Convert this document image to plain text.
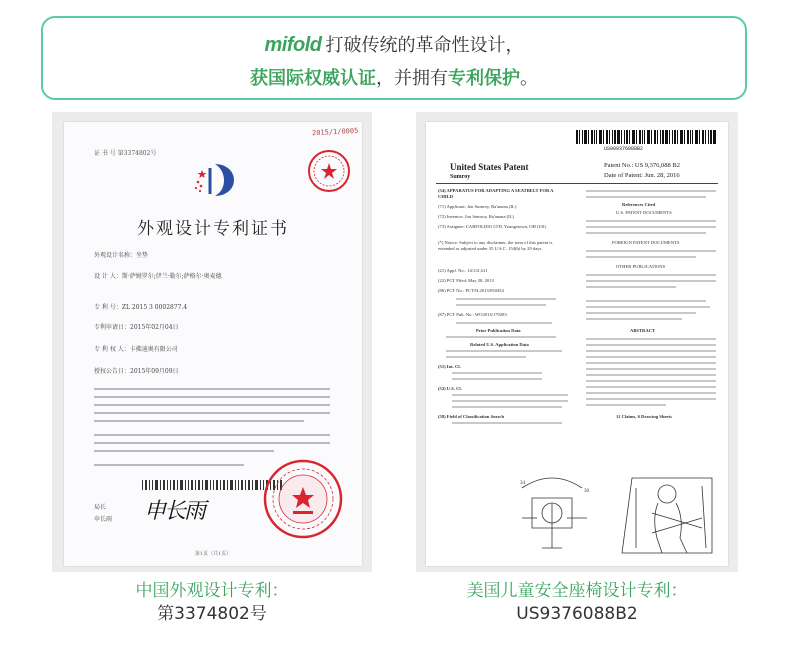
mifold 打破传统的革命性设计，
获国际权威认证，并拥有专利保护。
证 书 号 第3374802号
2015/1/0005
外观设计专利证书
外观设计名称：坐垫
设 计 人：斯·萨姆罗尔;伊兰·勒尔;萨格尔·奥麦德
专 利 号：ZL 2015 3 0002877.4
专利申请日：2015年02月04日
专 利 权 人：卡佛迪奥有限公司
授权公告日：2015年09月09日
局长
申长雨 申长雨
第1页（共1页）
US009376088B2
United States Patent
Sumroy
Patent No.: US 9,376,088 B2
Date of Patent: Jun. 28, 2016
(54) APPARATUS FOR ADAPTING A SEATBELT FOR A CHILD
(71) Applicant: Jon Sumroy, Ra'anana (IL)
(72) Inventor: Jon Sumroy, Ra'anana (IL)
(73) Assignee: CARFOLDIO LTD, Youngstown, OH (US)
(*) Notice: Subject to any disclaimer, the term of this patent is extended or adjusted under 35 U.S.C. 154(b) by 29 days.
(21) Appl. No.: 14/131,611
(22) PCT Filed: May 28, 2013
(86) PCT No.: PCT/IL2013/050454
(87) PCT Pub. No.: WO2013/179283
Prior Publication Data
Related U.S. Application Data
(51) Int. Cl.
(52) U.S. Cl.
(58) Field of Classification Search
References Cited
U.S. PATENT DOCUMENTS
FOREIGN PATENT DOCUMENTS
OTHER PUBLICATIONS
ABSTRACT
11 Claims, 6 Drawing Sheets
34
30
中国外观设计专利：
第3374802号
美国儿童安全座椅设计专利：
US9376088B2
